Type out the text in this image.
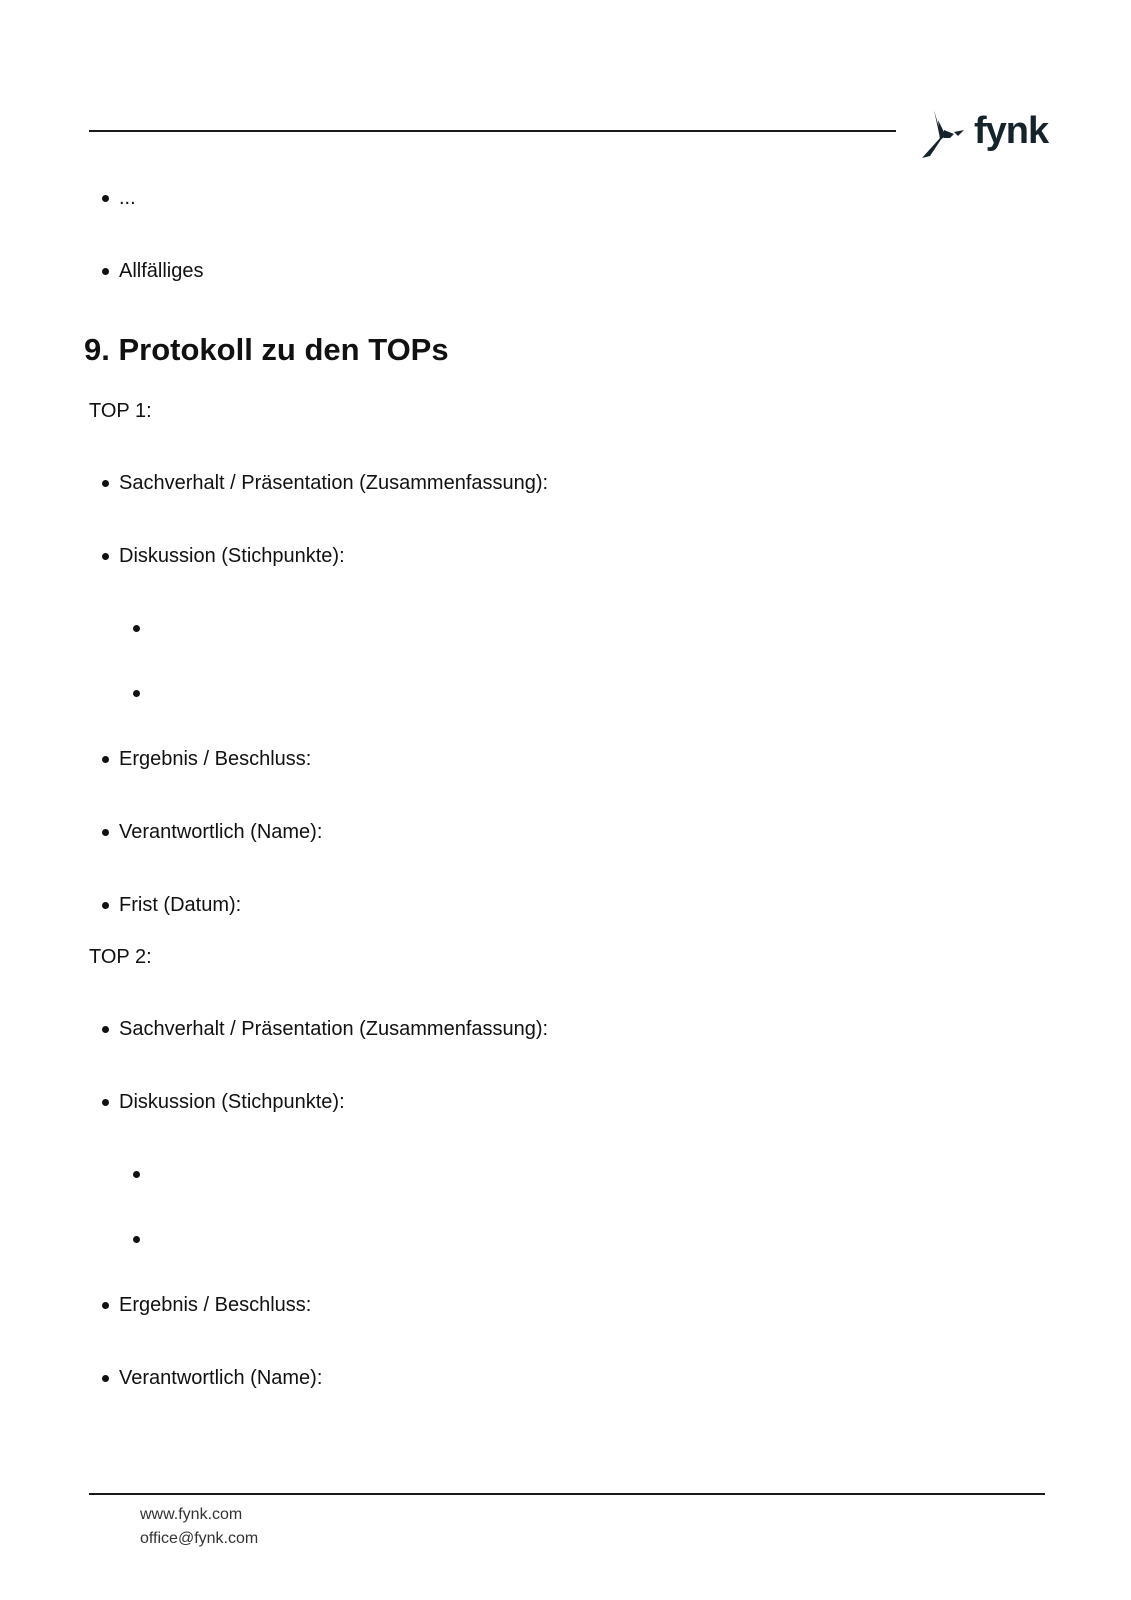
fynk
...
Allfälliges
9. Protokoll zu den TOPs
TOP 1:
Sachverhalt / Präsentation (Zusammenfassung):
Diskussion (Stichpunkte):
Ergebnis / Beschluss:
Verantwortlich (Name):
Frist (Datum):
TOP 2:
Sachverhalt / Präsentation (Zusammenfassung):
Diskussion (Stichpunkte):
Ergebnis / Beschluss:
Verantwortlich (Name):
www.fynk.com
office@fynk.com
